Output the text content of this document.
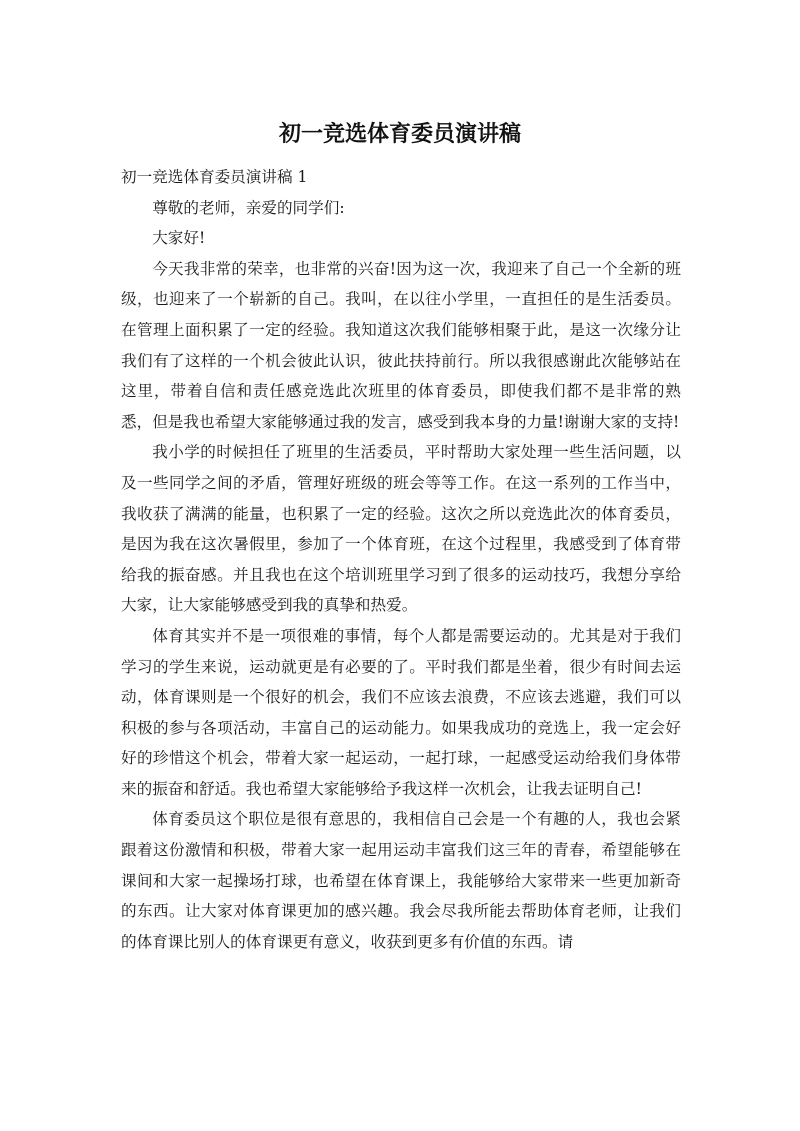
初一竞选体育委员演讲稿

初一竞选体育委员演讲稿 1

尊敬的老师，亲爱的同学们:

大家好!

今天我非常的荣幸，也非常的兴奋!因为这一次，我迎来了自己一个全新的班级，也迎来了一个崭新的自己。我叫，在以往小学里，一直担任的是生活委员。在管理上面积累了一定的经验。我知道这次我们能够相聚于此，是这一次缘分让我们有了这样的一个机会彼此认识，彼此扶持前行。所以我很感谢此次能够站在这里，带着自信和责任感竞选此次班里的体育委员，即使我们都不是非常的熟悉，但是我也希望大家能够通过我的发言，感受到我本身的力量!谢谢大家的支持!

我小学的时候担任了班里的生活委员，平时帮助大家处理一些生活问题，以及一些同学之间的矛盾，管理好班级的班会等等工作。在这一系列的工作当中，我收获了满满的能量，也积累了一定的经验。这次之所以竞选此次的体育委员，是因为我在这次暑假里，参加了一个体育班，在这个过程里，我感受到了体育带给我的振奋感。并且我也在这个培训班里学习到了很多的运动技巧，我想分享给大家，让大家能够感受到我的真挚和热爱。

体育其实并不是一项很难的事情，每个人都是需要运动的。尤其是对于我们学习的学生来说，运动就更是有必要的了。平时我们都是坐着，很少有时间去运动，体育课则是一个很好的机会，我们不应该去浪费，不应该去逃避，我们可以积极的参与各项活动，丰富自己的运动能力。如果我成功的竞选上，我一定会好好的珍惜这个机会，带着大家一起运动，一起打球，一起感受运动给我们身体带来的振奋和舒适。我也希望大家能够给予我这样一次机会，让我去证明自己!

体育委员这个职位是很有意思的，我相信自己会是一个有趣的人，我也会紧跟着这份激情和积极，带着大家一起用运动丰富我们这三年的青春，希望能够在课间和大家一起操场打球，也希望在体育课上，我能够给大家带来一些更加新奇的东西。让大家对体育课更加的感兴趣。我会尽我所能去帮助体育老师，让我们的体育课比别人的体育课更有意义，收获到更多有价值的东西。请
